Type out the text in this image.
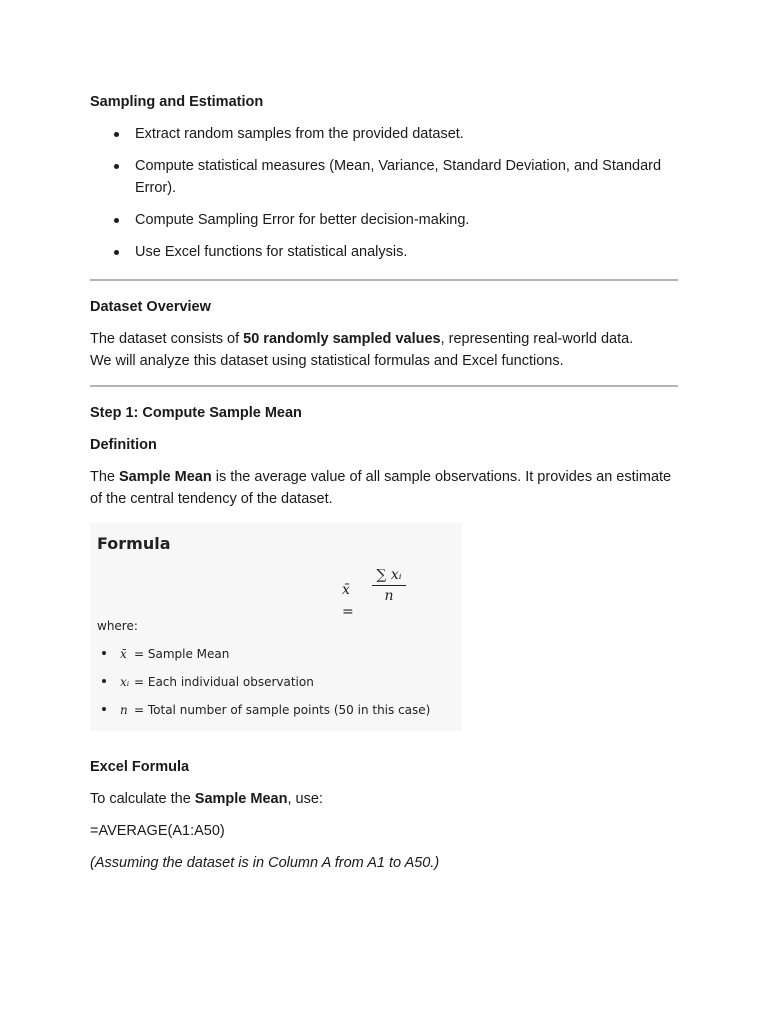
Sampling and Estimation
Extract random samples from the provided dataset.
Compute statistical measures (Mean, Variance, Standard Deviation, and Standard Error).
Compute Sampling Error for better decision-making.
Use Excel functions for statistical analysis.
Dataset Overview

The dataset consists of 50 randomly sampled values, representing real-world data.
We will analyze this dataset using statistical formulas and Excel functions.

Step 1: Compute Sample Mean
Definition

The Sample Mean is the average value of all sample observations. It provides an estimate of the central tendency of the dataset.

Formula
x̄ =
$\frac{\text{∑ xᵢ}}{n}$
where:
x̄ = Sample Mean
xᵢ = Each individual observation
n = Total number of sample points (50 in this case)
Excel Formula

To calculate the Sample Mean, use:

=AVERAGE(A1:A50)

(Assuming the dataset is in Column A from A1 to A50.)
